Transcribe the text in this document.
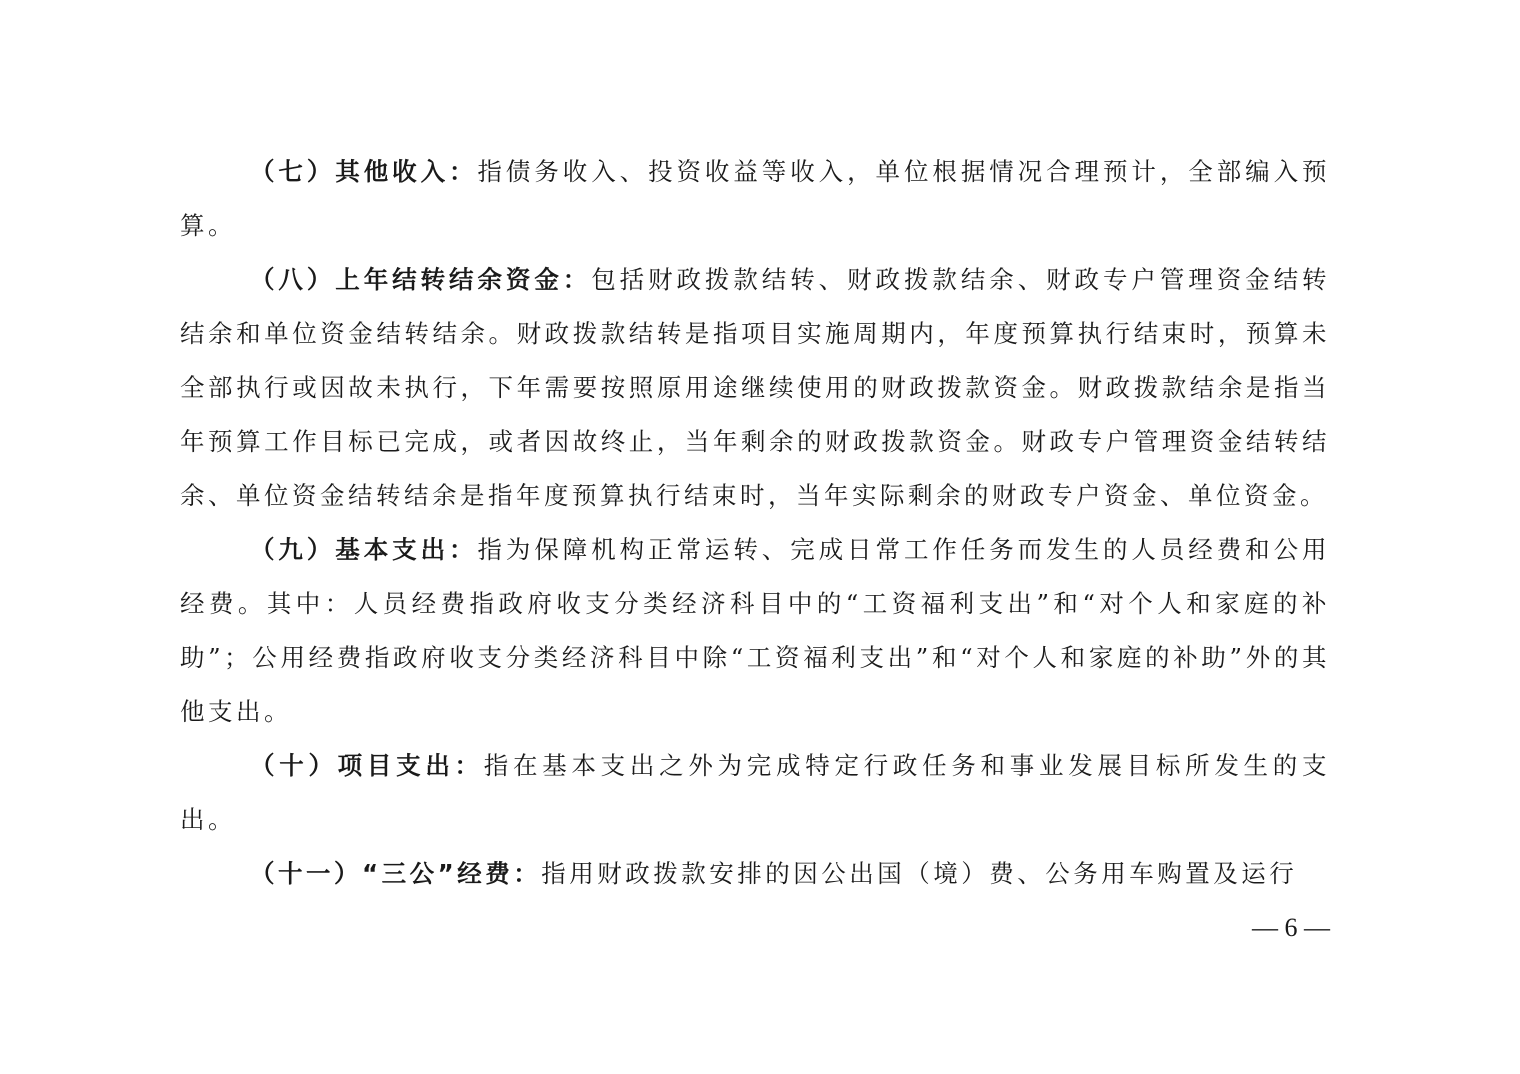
（七）其他收入：指债务收入、投资收益等收入，单位根据情况合理预计，全部编入预算。

（八）上年结转结余资金：包括财政拨款结转、财政拨款结余、财政专户管理资金结转结余和单位资金结转结余。财政拨款结转是指项目实施周期内，年度预算执行结束时，预算未全部执行或因故未执行，下年需要按照原用途继续使用的财政拨款资金。财政拨款结余是指当年预算工作目标已完成，或者因故终止，当年剩余的财政拨款资金。财政专户管理资金结转结余、单位资金结转结余是指年度预算执行结束时，当年实际剩余的财政专户资金、单位资金。

（九）基本支出：指为保障机构正常运转、完成日常工作任务而发生的人员经费和公用经费。其中：人员经费指政府收支分类经济科目中的“工资福利支出”和“对个人和家庭的补助”；公用经费指政府收支分类经济科目中除“工资福利支出”和“对个人和家庭的补助”外的其他支出。

（十）项目支出：指在基本支出之外为完成特定行政任务和事业发展目标所发生的支出。

（十一）“三公”经费：指用财政拨款安排的因公出国（境）费、公务用车购置及运行

— 6 —
